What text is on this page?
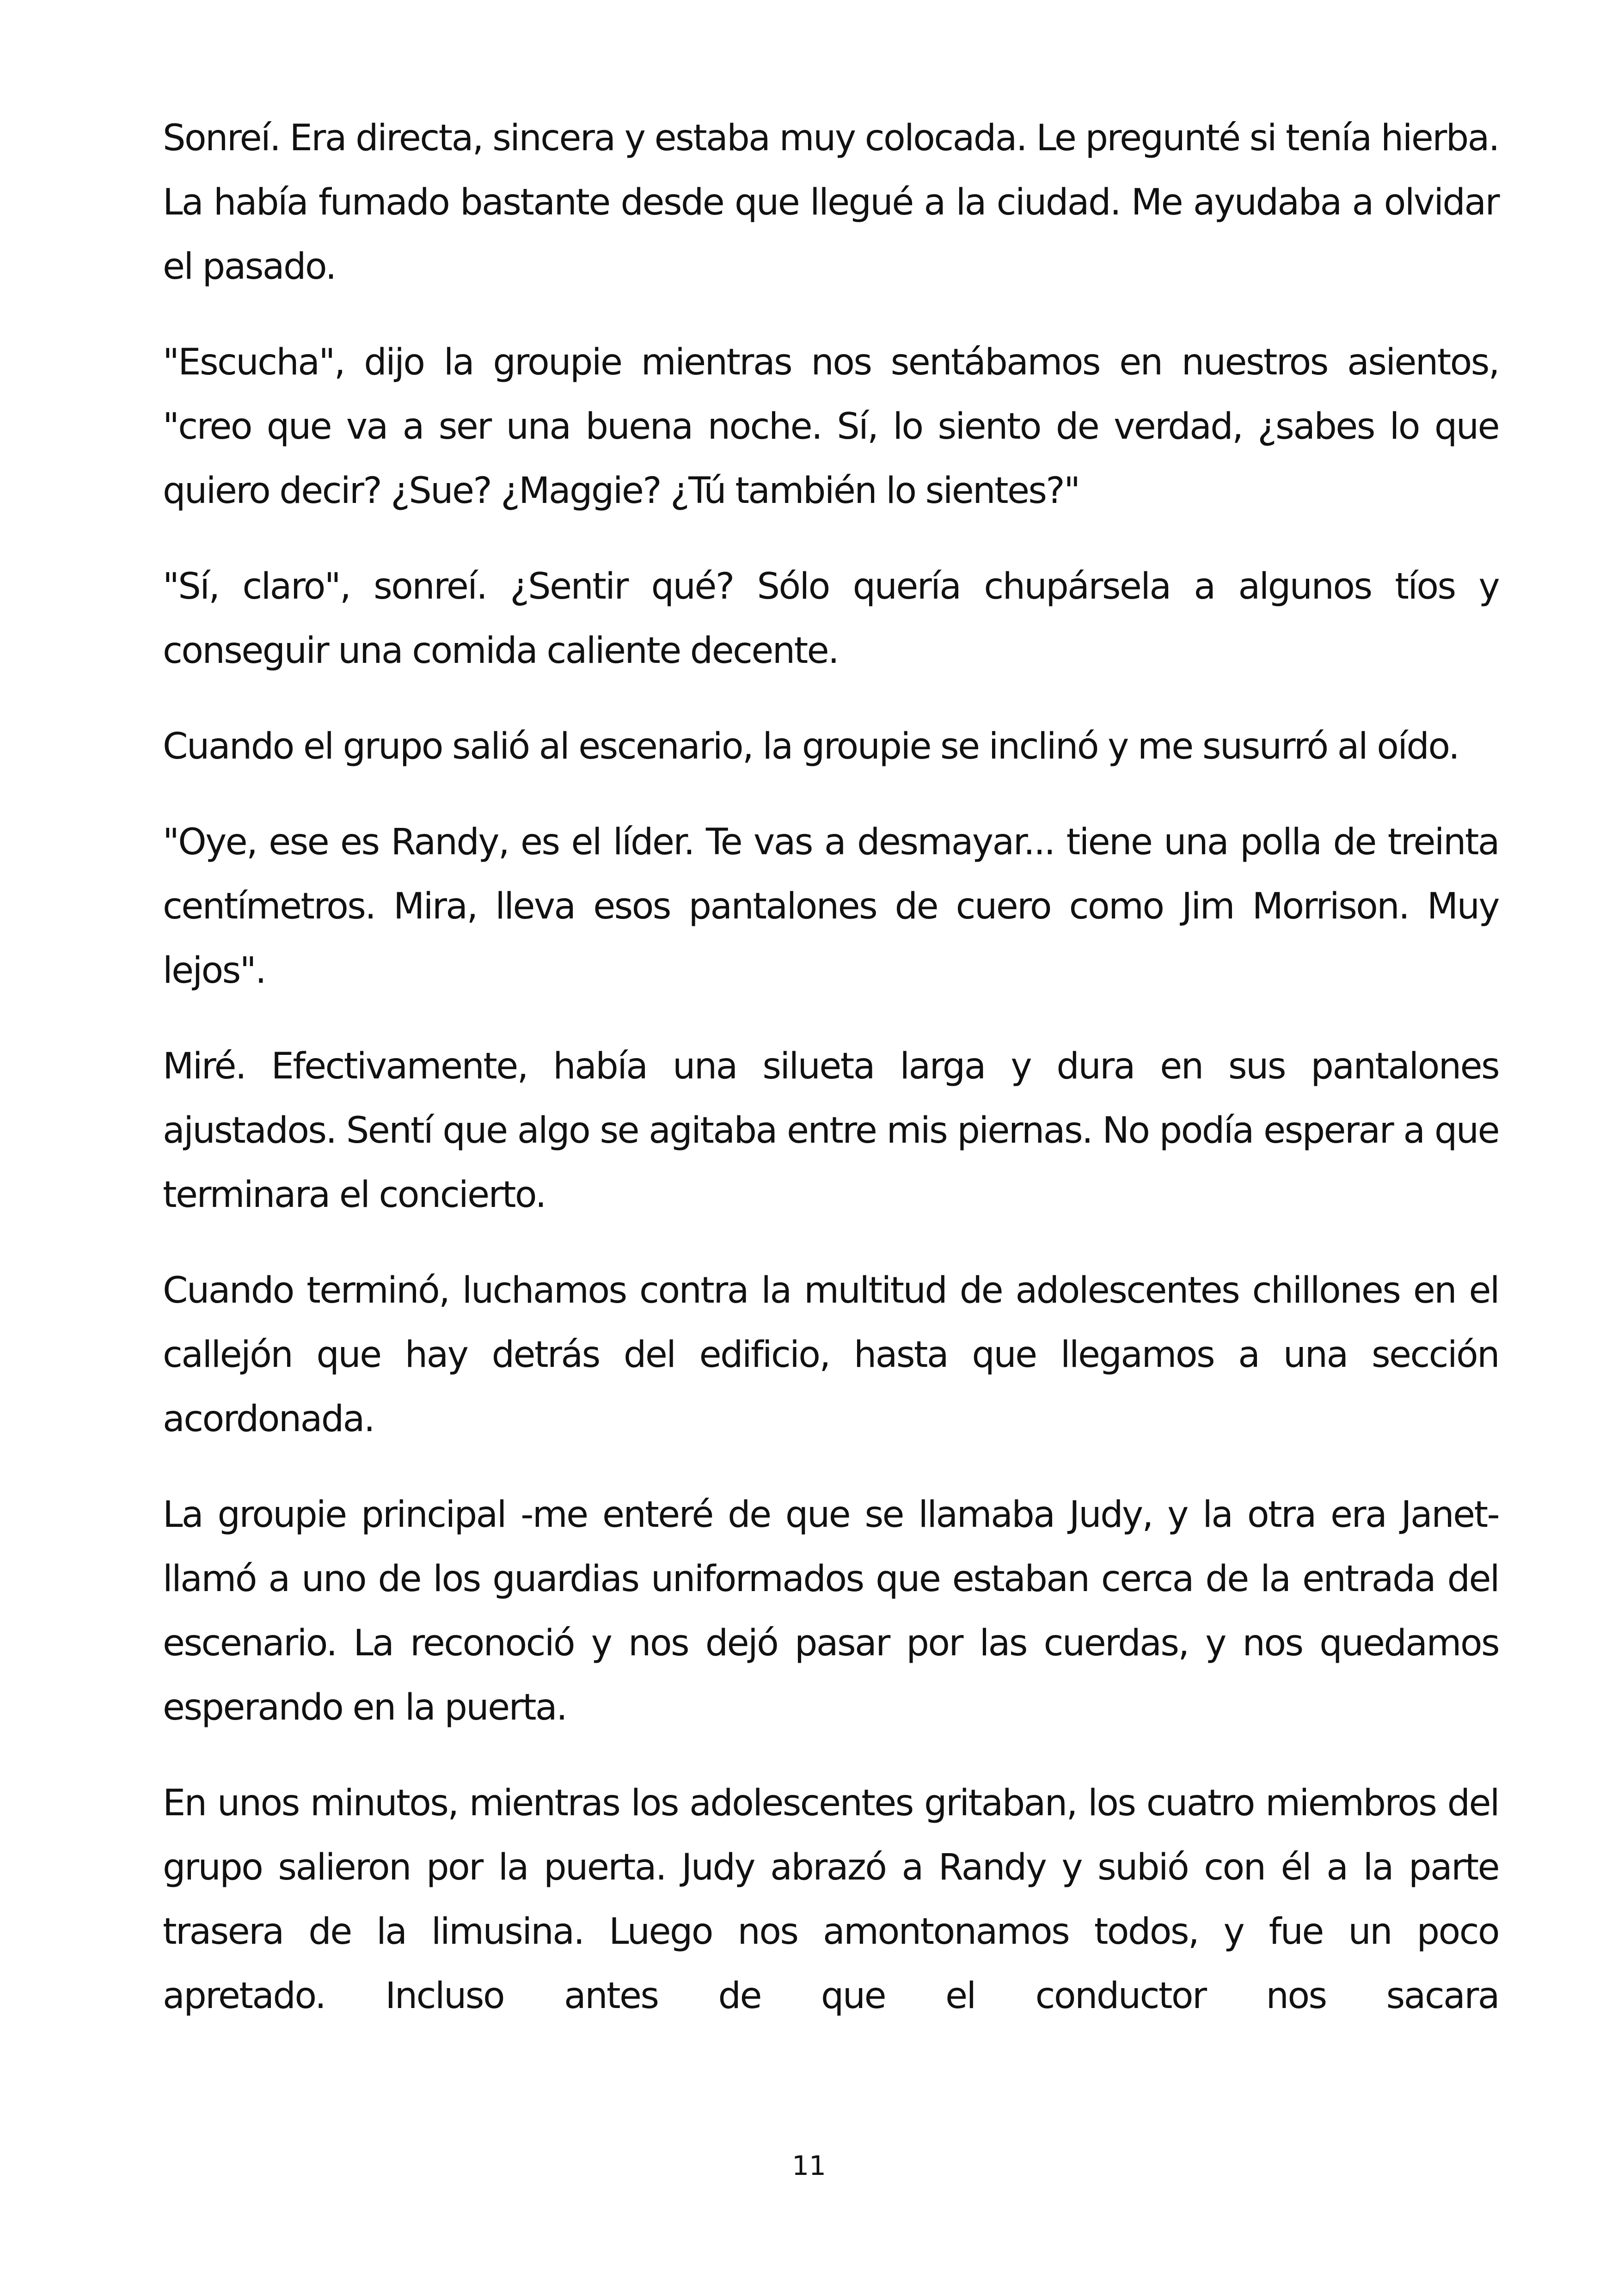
Sonreí. Era directa, sincera y estaba muy colocada. Le pregunté si tenía hierba. La había fumado bastante desde que llegué a la ciudad. Me ayudaba a olvidar el pasado.

"Escucha", dijo la groupie mientras nos sentábamos en nuestros asientos, "creo que va a ser una buena noche. Sí, lo siento de verdad, ¿sabes lo que quiero decir? ¿Sue? ¿Maggie? ¿Tú también lo sientes?"

"Sí, claro", sonreí. ¿Sentir qué? Sólo quería chupársela a algunos tíos y conseguir una comida caliente decente.

Cuando el grupo salió al escenario, la groupie se inclinó y me susurró al oído.

"Oye, ese es Randy, es el líder. Te vas a desmayar... tiene una polla de treinta centímetros. Mira, lleva esos pantalones de cuero como Jim Morrison. Muy lejos".

Miré. Efectivamente, había una silueta larga y dura en sus pantalones ajustados. Sentí que algo se agitaba entre mis piernas. No podía esperar a que terminara el concierto.

Cuando terminó, luchamos contra la multitud de adolescentes chillones en el callejón que hay detrás del edificio, hasta que llegamos a una sección acordonada.

La groupie principal -me enteré de que se llamaba Judy, y la otra era Janet- llamó a uno de los guardias uniformados que estaban cerca de la entrada del escenario. La reconoció y nos dejó pasar por las cuerdas, y nos quedamos esperando en la puerta.

En unos minutos, mientras los adolescentes gritaban, los cuatro miembros del grupo salieron por la puerta. Judy abrazó a Randy y subió con él a la parte trasera de la limusina. Luego nos amontonamos todos, y fue un poco apretado. Incluso antes de que el conductor nos sacara

11
